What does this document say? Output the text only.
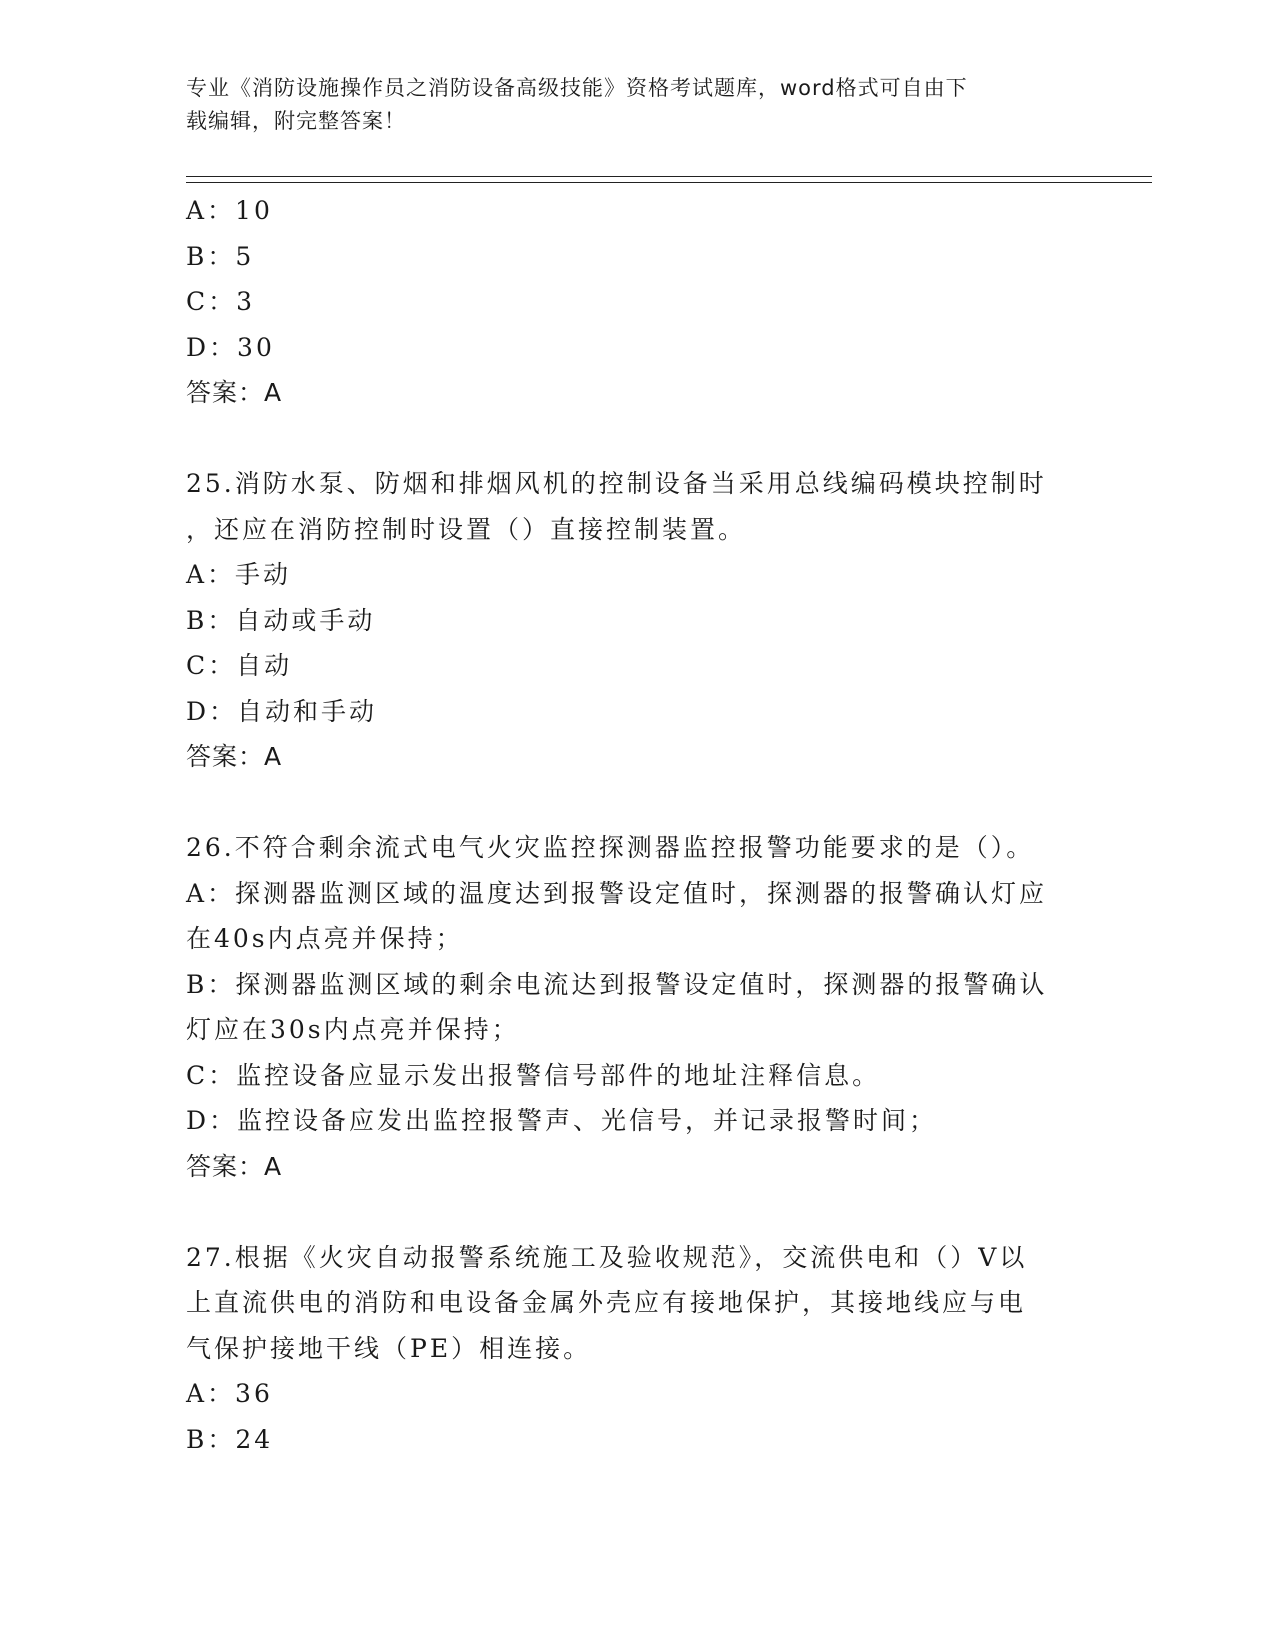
专业《消防设施操作员之消防设备高级技能》资格考试题库，word格式可自由下
载编辑，附完整答案！
A：10
B：5
C：3
D：30
答案：A
25.消防水泵、防烟和排烟风机的控制设备当采用总线编码模块控制时
，还应在消防控制时设置（）直接控制装置。
A：手动
B：自动或手动
C：自动
D：自动和手动
答案：A
26.不符合剩余流式电气火灾监控探测器监控报警功能要求的是（）。
A：探测器监测区域的温度达到报警设定值时，探测器的报警确认灯应
在40s内点亮并保持；
B：探测器监测区域的剩余电流达到报警设定值时，探测器的报警确认
灯应在30s内点亮并保持；
C：监控设备应显示发出报警信号部件的地址注释信息。
D：监控设备应发出监控报警声、光信号，并记录报警时间；
答案：A
27.根据《火灾自动报警系统施工及验收规范》，交流供电和（）V以
上直流供电的消防和电设备金属外壳应有接地保护，其接地线应与电
气保护接地干线（PE）相连接。
A：36
B：24
